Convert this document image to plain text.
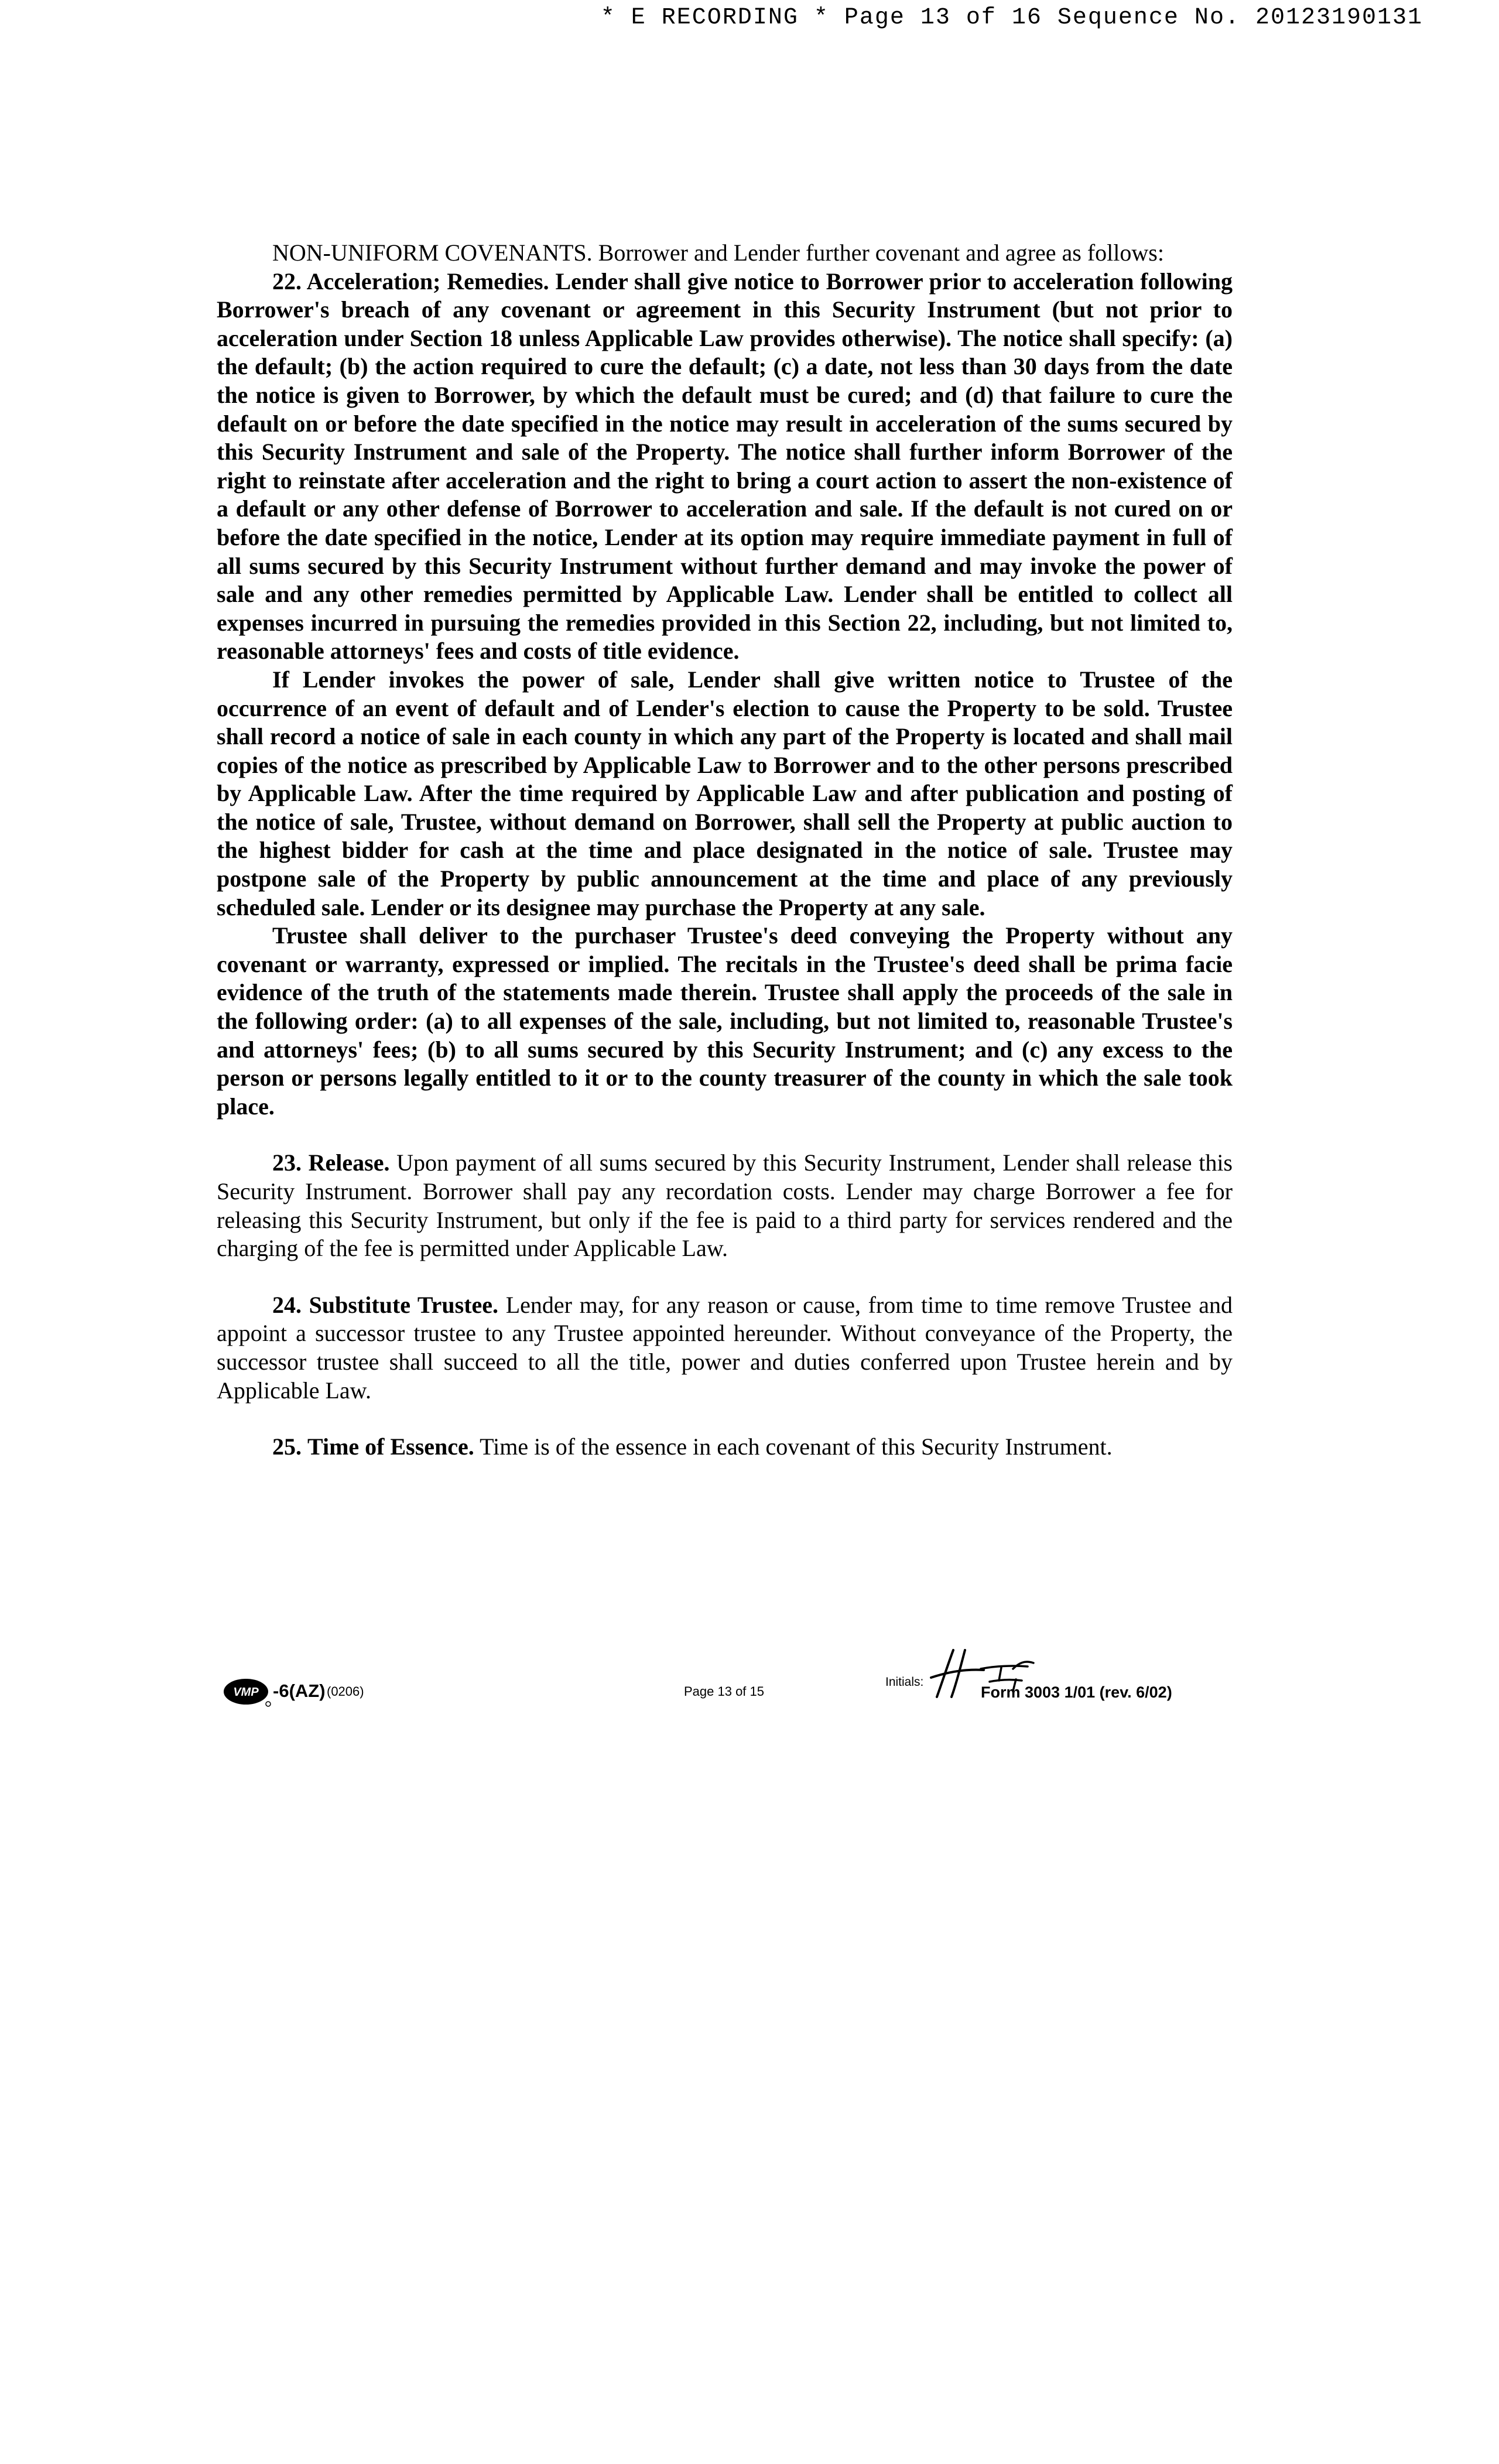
* E RECORDING * Page 13 of 16 Sequence No. 20123190131

NON-UNIFORM COVENANTS. Borrower and Lender further covenant and agree as follows:

22. Acceleration; Remedies. Lender shall give notice to Borrower prior to acceleration following Borrower's breach of any covenant or agreement in this Security Instrument (but not prior to acceleration under Section 18 unless Applicable Law provides otherwise). The notice shall specify: (a) the default; (b) the action required to cure the default; (c) a date, not less than 30 days from the date the notice is given to Borrower, by which the default must be cured; and (d) that failure to cure the default on or before the date specified in the notice may result in acceleration of the sums secured by this Security Instrument and sale of the Property. The notice shall further inform Borrower of the right to reinstate after acceleration and the right to bring a court action to assert the non-existence of a default or any other defense of Borrower to acceleration and sale. If the default is not cured on or before the date specified in the notice, Lender at its option may require immediate payment in full of all sums secured by this Security Instrument without further demand and may invoke the power of sale and any other remedies permitted by Applicable Law. Lender shall be entitled to collect all expenses incurred in pursuing the remedies provided in this Section 22, including, but not limited to, reasonable attorneys' fees and costs of title evidence.

If Lender invokes the power of sale, Lender shall give written notice to Trustee of the occurrence of an event of default and of Lender's election to cause the Property to be sold. Trustee shall record a notice of sale in each county in which any part of the Property is located and shall mail copies of the notice as prescribed by Applicable Law to Borrower and to the other persons prescribed by Applicable Law. After the time required by Applicable Law and after publication and posting of the notice of sale, Trustee, without demand on Borrower, shall sell the Property at public auction to the highest bidder for cash at the time and place designated in the notice of sale. Trustee may postpone sale of the Property by public announcement at the time and place of any previously scheduled sale. Lender or its designee may purchase the Property at any sale.

Trustee shall deliver to the purchaser Trustee's deed conveying the Property without any covenant or warranty, expressed or implied. The recitals in the Trustee's deed shall be prima facie evidence of the truth of the statements made therein. Trustee shall apply the proceeds of the sale in the following order: (a) to all expenses of the sale, including, but not limited to, reasonable Trustee's and attorneys' fees; (b) to all sums secured by this Security Instrument; and (c) any excess to the person or persons legally entitled to it or to the county treasurer of the county in which the sale took place.

23. Release. Upon payment of all sums secured by this Security Instrument, Lender shall release this Security Instrument. Borrower shall pay any recordation costs. Lender may charge Borrower a fee for releasing this Security Instrument, but only if the fee is paid to a third party for services rendered and the charging of the fee is permitted under Applicable Law.

24. Substitute Trustee. Lender may, for any reason or cause, from time to time remove Trustee and appoint a successor trustee to any Trustee appointed hereunder. Without conveyance of the Property, the successor trustee shall succeed to all the title, power and duties conferred upon Trustee herein and by Applicable Law.

25. Time of Essence. Time is of the essence in each covenant of this Security Instrument.

VMP -6(AZ) (0206)	Page 13 of 15
Initials:
Form 3003 1/01 (rev. 6/02)
